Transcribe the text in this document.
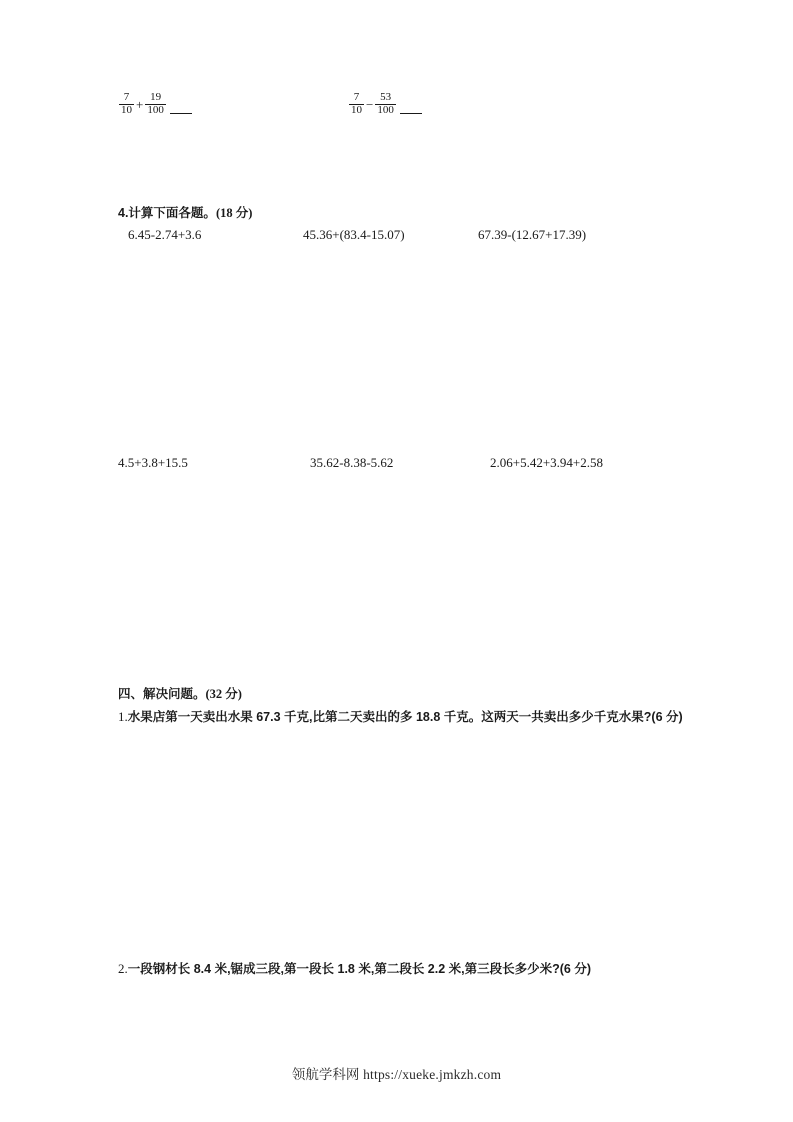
$\frac{7}{10} + \frac{19}{100}$	$\frac{7}{10} - \frac{53}{100}$
4.计算下面各题。(18 分)
6.45-2.74+3.6	45.36+(83.4-15.07)	67.39-(12.67+17.39)
4.5+3.8+15.5	35.62-8.38-5.62	2.06+5.42+3.94+2.58
四、解决问题。(32 分)
1.水果店第一天卖出水果 67.3 千克,比第二天卖出的多 18.8 千克。这两天一共卖出多少千克水果?(6 分)
2.一段钢材长 8.4 米,锯成三段,第一段长 1.8 米,第二段长 2.2 米,第三段长多少米?(6 分)
领航学科网 https://xueke.jmkzh.com
